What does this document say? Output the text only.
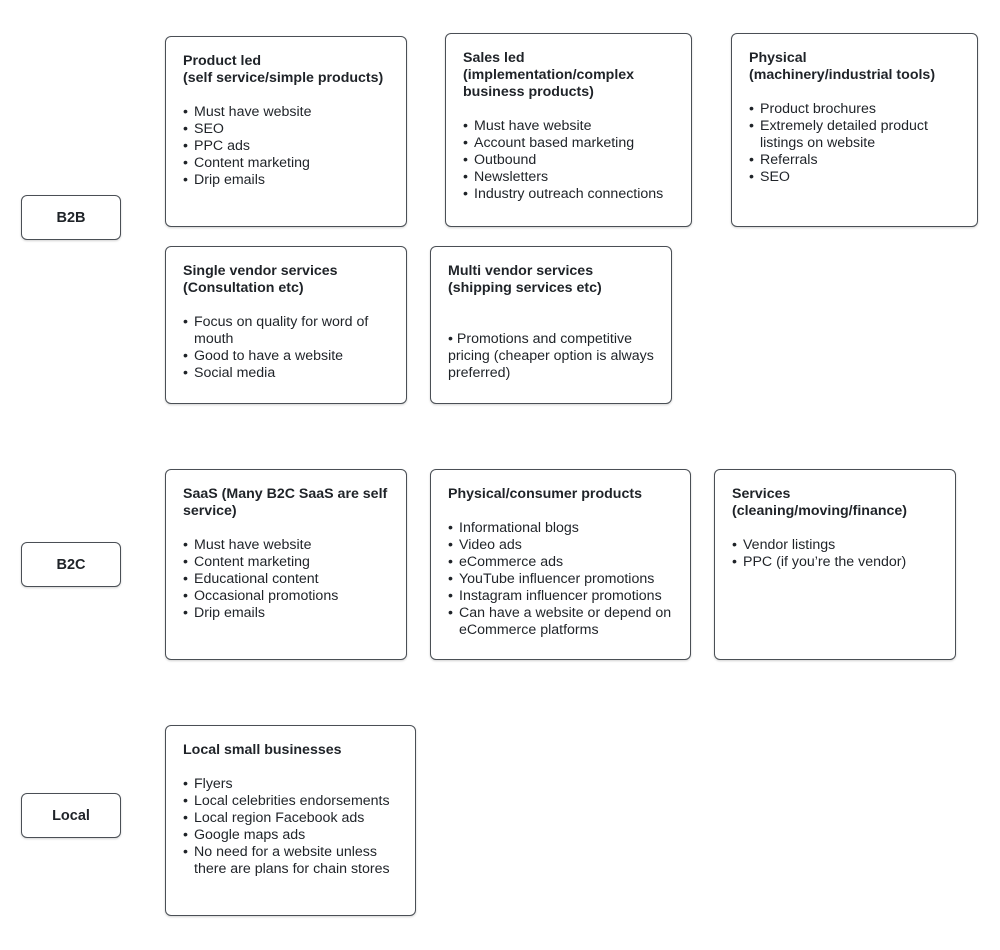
B2B
B2C
Local
Product led
(self service/simple products)
• Must have website
• SEO
• PPC ads
• Content marketing
• Drip emails
Sales led
(implementation/complex
business products)
• Must have website
• Account based marketing
• Outbound
• Newsletters
• Industry outreach connections
Physical
(machinery/industrial tools)
• Product brochures
• Extremely detailed product listings on website
• Referrals
• SEO
Single vendor services
(Consultation etc)
• Focus on quality for word of mouth
• Good to have a website
• Social media
Multi vendor services
(shipping services etc)

• Promotions and competitive pricing (cheaper option is always preferred)

SaaS (Many B2C SaaS are self service)
• Must have website
• Content marketing
• Educational content
• Occasional promotions
• Drip emails
Physical/consumer products
• Informational blogs
• Video ads
• eCommerce ads
• YouTube influencer promotions
• Instagram influencer promotions
• Can have a website or depend on eCommerce platforms
Services
(cleaning/moving/finance)
• Vendor listings
• PPC (if you’re the vendor)
Local small businesses
• Flyers
• Local celebrities endorsements
• Local region Facebook ads
• Google maps ads
• No need for a website unless there are plans for chain stores
